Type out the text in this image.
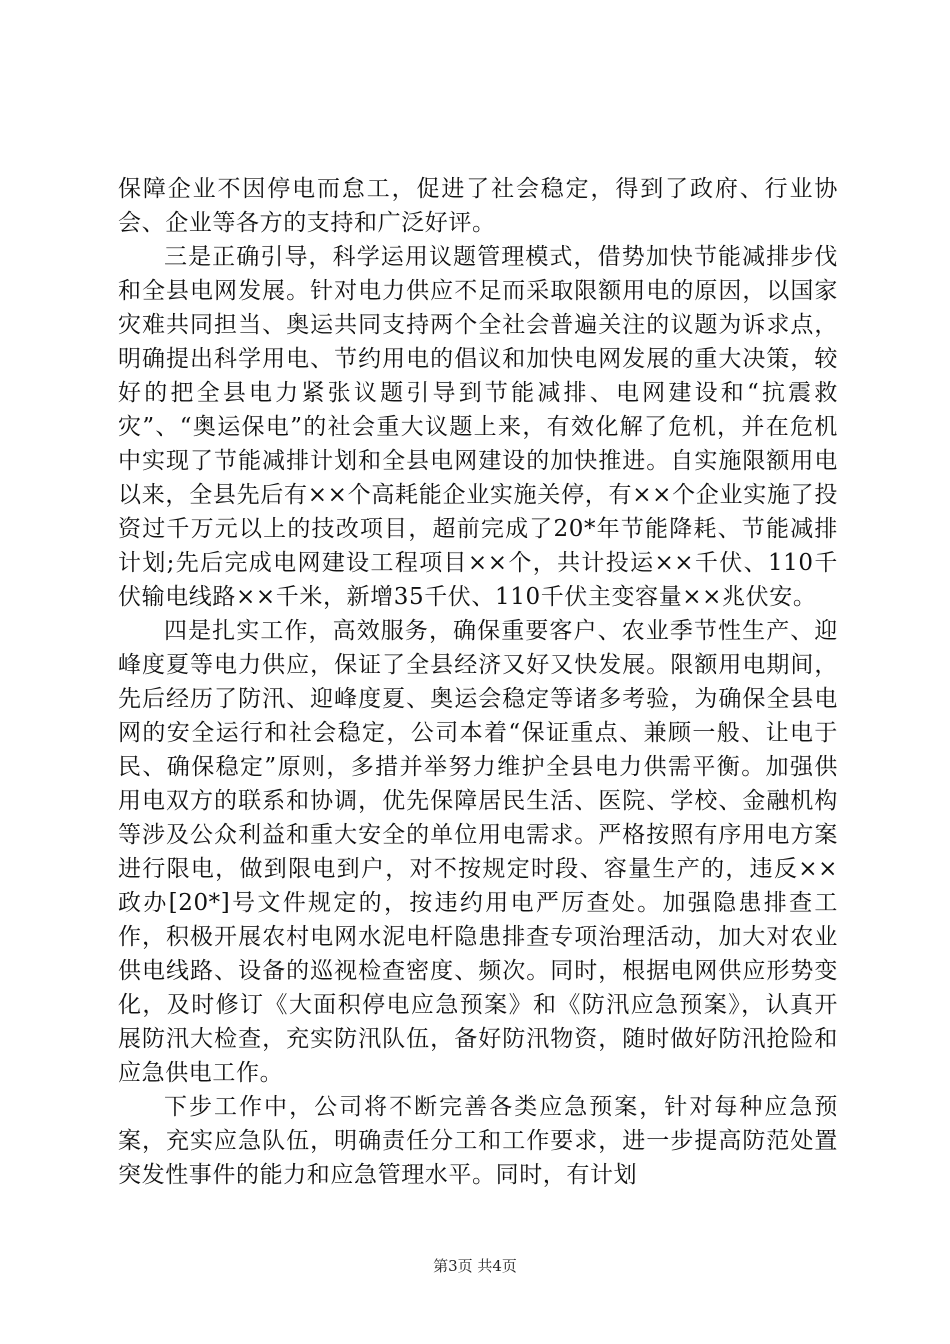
保障企业不因停电而怠工，促进了社会稳定，得到了政府、行业协会、企业等各方的支持和广泛好评。

三是正确引导，科学运用议题管理模式，借势加快节能减排步伐和全县电网发展。针对电力供应不足而采取限额用电的原因，以国家灾难共同担当、奥运共同支持两个全社会普遍关注的议题为诉求点，明确提出科学用电、节约用电的倡议和加快电网发展的重大决策，较好的把全县电力紧张议题引导到节能减排、电网建设和“抗震救灾”、“奥运保电”的社会重大议题上来，有效化解了危机，并在危机中实现了节能减排计划和全县电网建设的加快推进。自实施限额用电以来，全县先后有××个高耗能企业实施关停，有××个企业实施了投资过千万元以上的技改项目，超前完成了20*年节能降耗、节能减排计划;先后完成电网建设工程项目××个，共计投运××千伏、110千伏输电线路××千米，新增35千伏、110千伏主变容量××兆伏安。

四是扎实工作，高效服务，确保重要客户、农业季节性生产、迎峰度夏等电力供应，保证了全县经济又好又快发展。限额用电期间，先后经历了防汛、迎峰度夏、奥运会稳定等诸多考验，为确保全县电网的安全运行和社会稳定，公司本着“保证重点、兼顾一般、让电于民、确保稳定”原则，多措并举努力维护全县电力供需平衡。加强供用电双方的联系和协调，优先保障居民生活、医院、学校、金融机构等涉及公众利益和重大安全的单位用电需求。严格按照有序用电方案进行限电，做到限电到户，对不按规定时段、容量生产的，违反××政办[20*]号文件规定的，按违约用电严厉查处。加强隐患排查工作，积极开展农村电网水泥电杆隐患排查专项治理活动，加大对农业供电线路、设备的巡视检查密度、频次。同时，根据电网供应形势变化，及时修订《大面积停电应急预案》和《防汛应急预案》，认真开展防汛大检查，充实防汛队伍，备好防汛物资，随时做好防汛抢险和应急供电工作。

下步工作中，公司将不断完善各类应急预案，针对每种应急预案，充实应急队伍，明确责任分工和工作要求，进一步提高防范处置突发性事件的能力和应急管理水平。同时，有计划

第3页 共4页
